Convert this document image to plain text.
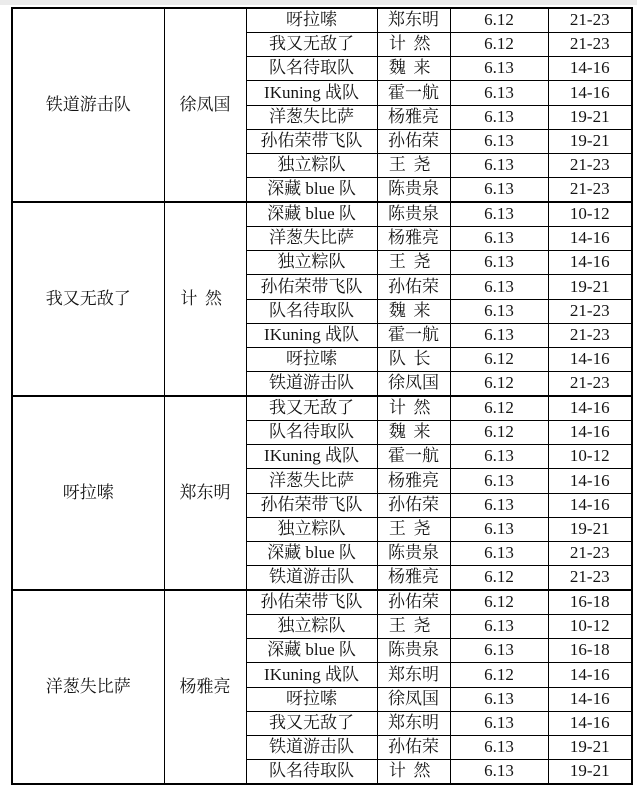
铁道游击队	徐凤国	呀拉嗦	郑东明	6.12	21-23
		我又无敌了	计然	6.12	21-23
		队名待取队	魏来	6.13	14-16
		IKuning 战队	霍一航	6.13	14-16
		洋葱失比萨	杨雅亮	6.13	19-21
		孙佑荣带飞队	孙佑荣	6.13	19-21
		独立粽队	王尧	6.13	21-23
		深藏 blue 队	陈贵泉	6.13	21-23
我又无敌了	计然	深藏 blue 队	陈贵泉	6.13	10-12
		洋葱失比萨	杨雅亮	6.13	14-16
		独立粽队	王尧	6.13	14-16
		孙佑荣带飞队	孙佑荣	6.13	19-21
		队名待取队	魏来	6.13	21-23
		IKuning 战队	霍一航	6.13	21-23
		呀拉嗦	队长	6.12	14-16
		铁道游击队	徐凤国	6.12	21-23
呀拉嗦	郑东明	我又无敌了	计然	6.12	14-16
		队名待取队	魏来	6.12	14-16
		IKuning 战队	霍一航	6.13	10-12
		洋葱失比萨	杨雅亮	6.13	14-16
		孙佑荣带飞队	孙佑荣	6.13	14-16
		独立粽队	王尧	6.13	19-21
		深藏 blue 队	陈贵泉	6.13	21-23
		铁道游击队	杨雅亮	6.12	21-23
洋葱失比萨	杨雅亮	孙佑荣带飞队	孙佑荣	6.12	16-18
		独立粽队	王尧	6.13	10-12
		深藏 blue 队	陈贵泉	6.13	16-18
		IKuning 战队	郑东明	6.12	14-16
		呀拉嗦	徐凤国	6.13	14-16
		我又无敌了	郑东明	6.13	14-16
		铁道游击队	孙佑荣	6.13	19-21
		队名待取队	计然	6.13	19-21
